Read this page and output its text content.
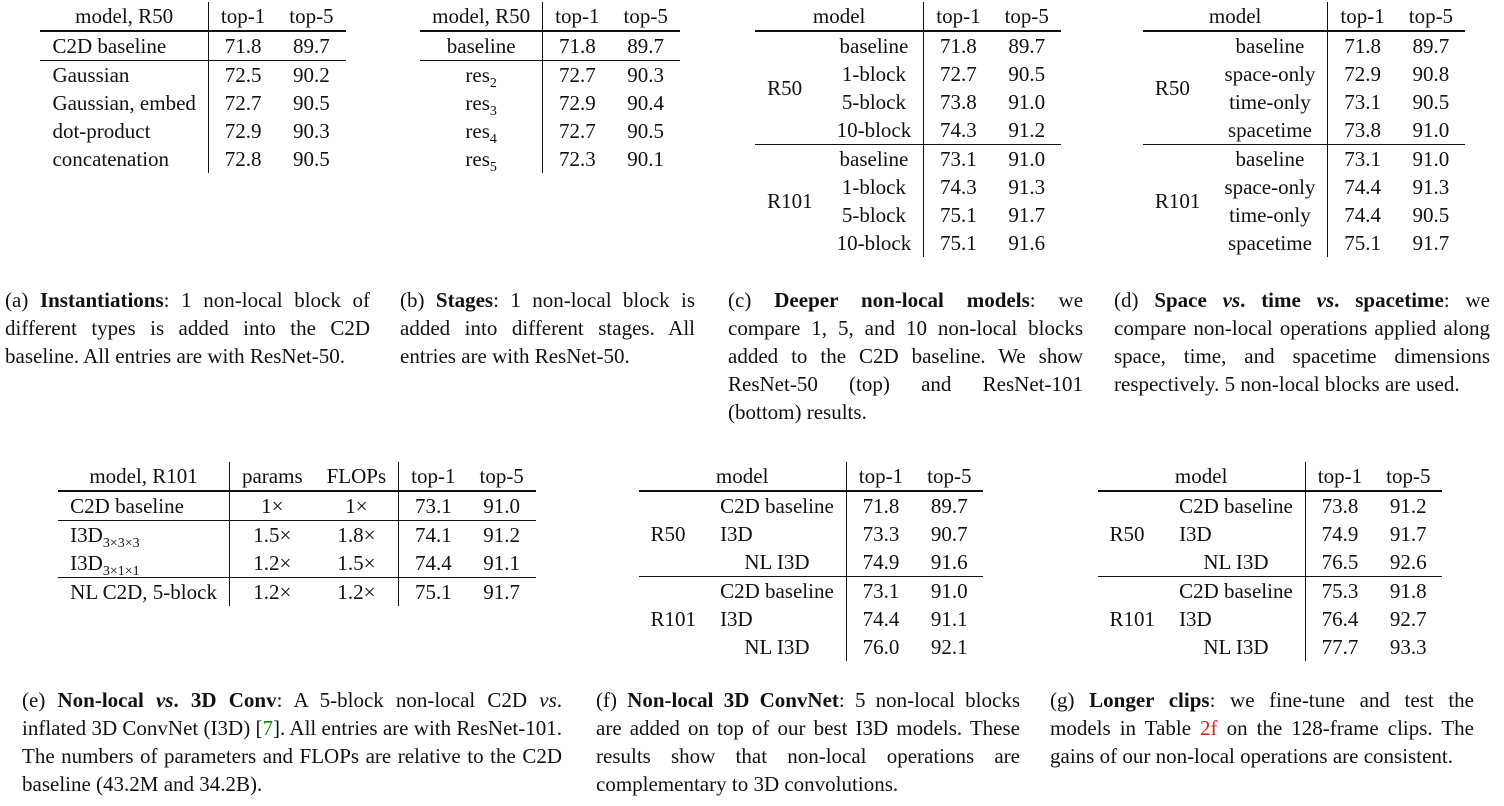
model, R50	top-1	top-5
C2D baseline	71.8	89.7
Gaussian	72.5	90.2
Gaussian, embed	72.7	90.5
dot-product	72.9	90.3
concatenation	72.8	90.5
(a) Instantiations: 1 non-local block of different types is added into the C2D baseline. All entries are with ResNet-50.
model, R50	top-1	top-5
baseline	71.8	89.7
res$_2$	72.7	90.3
res$_3$	72.9	90.4
res$_4$	72.7	90.5
res$_5$	72.3	90.1
(b) Stages: 1 non-local block is added into different stages. All entries are with ResNet-50.
model		top-1	top-5
R50	baseline	71.8	89.7
	1-block	72.7	90.5
	5-block	73.8	91.0
	10-block	74.3	91.2
R101	baseline	73.1	91.0
	1-block	74.3	91.3
	5-block	75.1	91.7
	10-block	75.1	91.6
(c) Deeper non-local models: we compare 1, 5, and 10 non-local blocks added to the C2D baseline. We show ResNet-50 (top) and ResNet-101 (bottom) results.
model		top-1	top-5
R50	baseline	71.8	89.7
	space-only	72.9	90.8
	time-only	73.1	90.5
	spacetime	73.8	91.0
R101	baseline	73.1	91.0
	space-only	74.4	91.3
	time-only	74.4	90.5
	spacetime	75.1	91.7
(d) Space vs. time vs. spacetime: we compare non-local operations applied along space, time, and spacetime dimensions respectively. 5 non-local blocks are used.
model, R101	params	FLOPs	top-1	top-5
C2D baseline	1×	1×	73.1	91.0
$I3D_{3\times 3\times 3}$	1.5×	1.8×	74.1	91.2
$I3D_{3\times 1\times 1}$	1.2×	1.5×	74.4	91.1
NL C2D, 5-block	1.2×	1.2×	75.1	91.7
(e) Non-local vs. 3D Conv: A 5-block non-local C2D vs. inflated 3D ConvNet (I3D) [7]. All entries are with ResNet-101. The numbers of parameters and FLOPs are relative to the C2D baseline (43.2M and 34.2B).
model		top-1	top-5
R50	C2D baseline	71.8	89.7
	I3D	73.3	90.7
	NL I3D	74.9	91.6
R101	C2D baseline	73.1	91.0
	I3D	74.4	91.1
	NL I3D	76.0	92.1
(f) Non-local 3D ConvNet: 5 non-local blocks are added on top of our best I3D models. These results show that non-local operations are complementary to 3D convolutions.
model		top-1	top-5
R50	C2D baseline	73.8	91.2
	I3D	74.9	91.7
	NL I3D	76.5	92.6
R101	C2D baseline	75.3	91.8
	I3D	76.4	92.7
	NL I3D	77.7	93.3
(g) Longer clips: we fine-tune and test the models in Table 2f on the 128-frame clips. The gains of our non-local operations are consistent.
